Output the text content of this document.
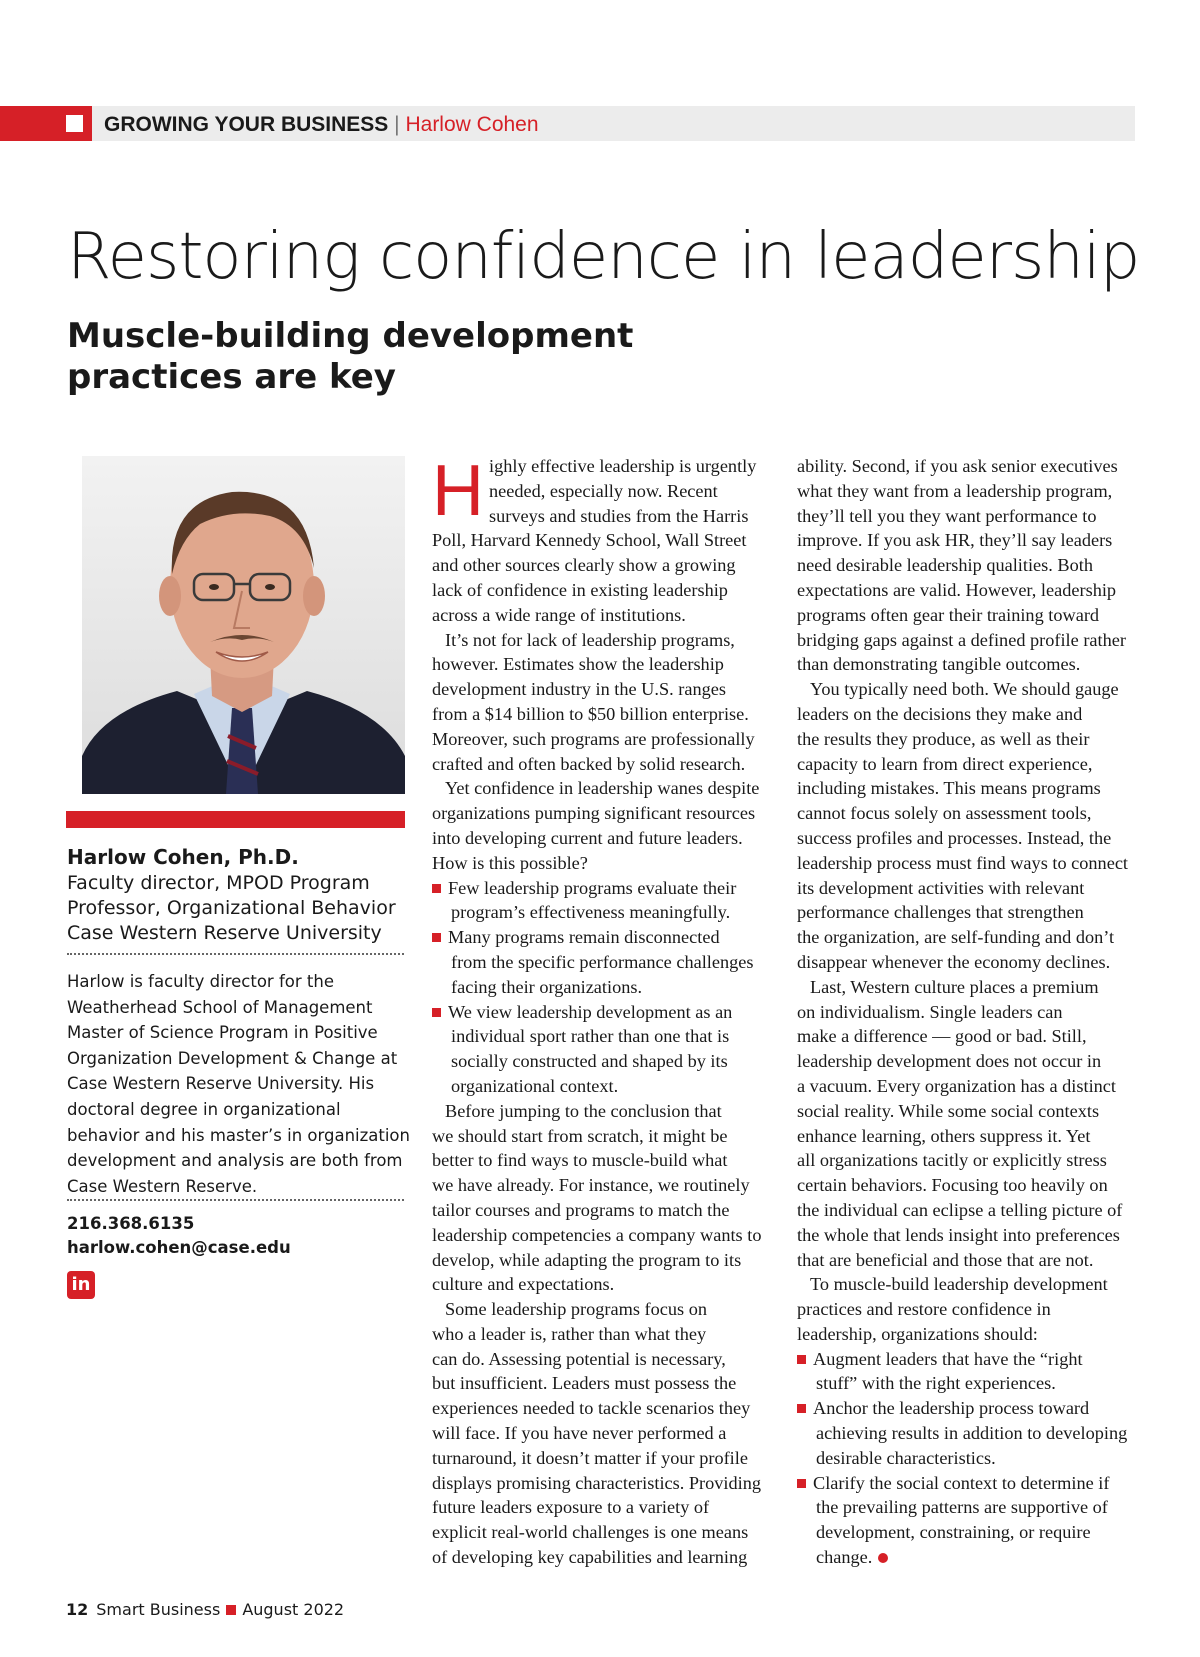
GROWING YOUR BUSINESS | Harlow Cohen
Restoring confidence in leadership
Muscle-building development practices are key
Harlow Cohen, Ph.D.
Faculty director, MPOD Program
Professor, Organizational Behavior
Case Western Reserve University
Harlow is faculty director for the Weatherhead School of Management Master of Science Program in Positive Organization Development & Change at Case Western Reserve University. His doctoral degree in organizational behavior and his master’s in organization development and analysis are both from Case Western Reserve.
216.368.6135
harlow.cohen@case.edu
in
H ighly effective leadership is urgently
needed, especially now. Recent
surveys and studies from the Harris
Poll, Harvard Kennedy School, Wall Street
and other sources clearly show a growing
lack of confidence in existing leadership
across a wide range of institutions.
It’s not for lack of leadership programs,
however. Estimates show the leadership
development industry in the U.S. ranges
from a $14 billion to $50 billion enterprise.
Moreover, such programs are professionally
crafted and often backed by solid research.
Yet confidence in leadership wanes despite
organizations pumping significant resources
into developing current and future leaders.
How is this possible?
Few leadership programs evaluate their
program’s effectiveness meaningfully.
Many programs remain disconnected
from the specific performance challenges
facing their organizations.
We view leadership development as an
individual sport rather than one that is
socially constructed and shaped by its
organizational context.
Before jumping to the conclusion that
we should start from scratch, it might be
better to find ways to muscle-build what
we have already. For instance, we routinely
tailor courses and programs to match the
leadership competencies a company wants to
develop, while adapting the program to its
culture and expectations.
Some leadership programs focus on
who a leader is, rather than what they
can do. Assessing potential is necessary,
but insufficient. Leaders must possess the
experiences needed to tackle scenarios they
will face. If you have never performed a
turnaround, it doesn’t matter if your profile
displays promising characteristics. Providing
future leaders exposure to a variety of
explicit real-world challenges is one means
of developing key capabilities and learning
ability. Second, if you ask senior executives
what they want from a leadership program,
they’ll tell you they want performance to
improve. If you ask HR, they’ll say leaders
need desirable leadership qualities. Both
expectations are valid. However, leadership
programs often gear their training toward
bridging gaps against a defined profile rather
than demonstrating tangible outcomes.
You typically need both. We should gauge
leaders on the decisions they make and
the results they produce, as well as their
capacity to learn from direct experience,
including mistakes. This means programs
cannot focus solely on assessment tools,
success profiles and processes. Instead, the
leadership process must find ways to connect
its development activities with relevant
performance challenges that strengthen
the organization, are self-funding and don’t
disappear whenever the economy declines.
Last, Western culture places a premium
on individualism. Single leaders can
make a difference — good or bad. Still,
leadership development does not occur in
a vacuum. Every organization has a distinct
social reality. While some social contexts
enhance learning, others suppress it. Yet
all organizations tacitly or explicitly stress
certain behaviors. Focusing too heavily on
the individual can eclipse a telling picture of
the whole that lends insight into preferences
that are beneficial and those that are not.
To muscle-build leadership development
practices and restore confidence in
leadership, organizations should:
Augment leaders that have the “right
stuff” with the right experiences.
Anchor the leadership process toward
achieving results in addition to developing
desirable characteristics.
Clarify the social context to determine if
the prevailing patterns are supportive of
development, constraining, or require
change.
12 Smart Business August 2022
